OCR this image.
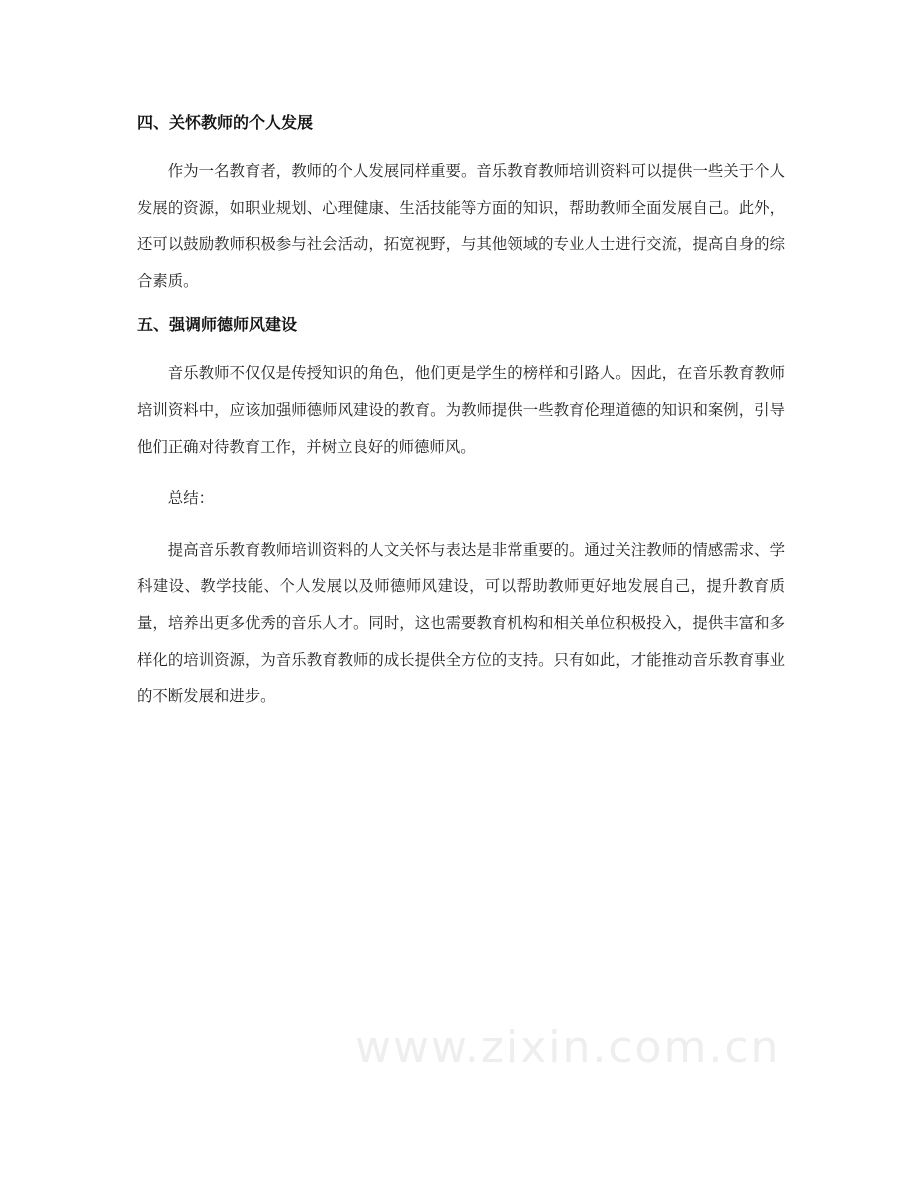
四、关怀教师的个人发展

作为一名教育者，教师的个人发展同样重要。音乐教育教师培训资料可以提供一些关于个人发展的资源，如职业规划、心理健康、生活技能等方面的知识，帮助教师全面发展自己。此外，还可以鼓励教师积极参与社会活动，拓宽视野，与其他领域的专业人士进行交流，提高自身的综合素质。

五、强调师德师风建设

音乐教师不仅仅是传授知识的角色，他们更是学生的榜样和引路人。因此，在音乐教育教师培训资料中，应该加强师德师风建设的教育。为教师提供一些教育伦理道德的知识和案例，引导他们正确对待教育工作，并树立良好的师德师风。

总结：

提高音乐教育教师培训资料的人文关怀与表达是非常重要的。通过关注教师的情感需求、学科建设、教学技能、个人发展以及师德师风建设，可以帮助教师更好地发展自己，提升教育质量，培养出更多优秀的音乐人才。同时，这也需要教育机构和相关单位积极投入，提供丰富和多样化的培训资源，为音乐教育教师的成长提供全方位的支持。只有如此，才能推动音乐教育事业的不断发展和进步。

www.zixin.com.cn
